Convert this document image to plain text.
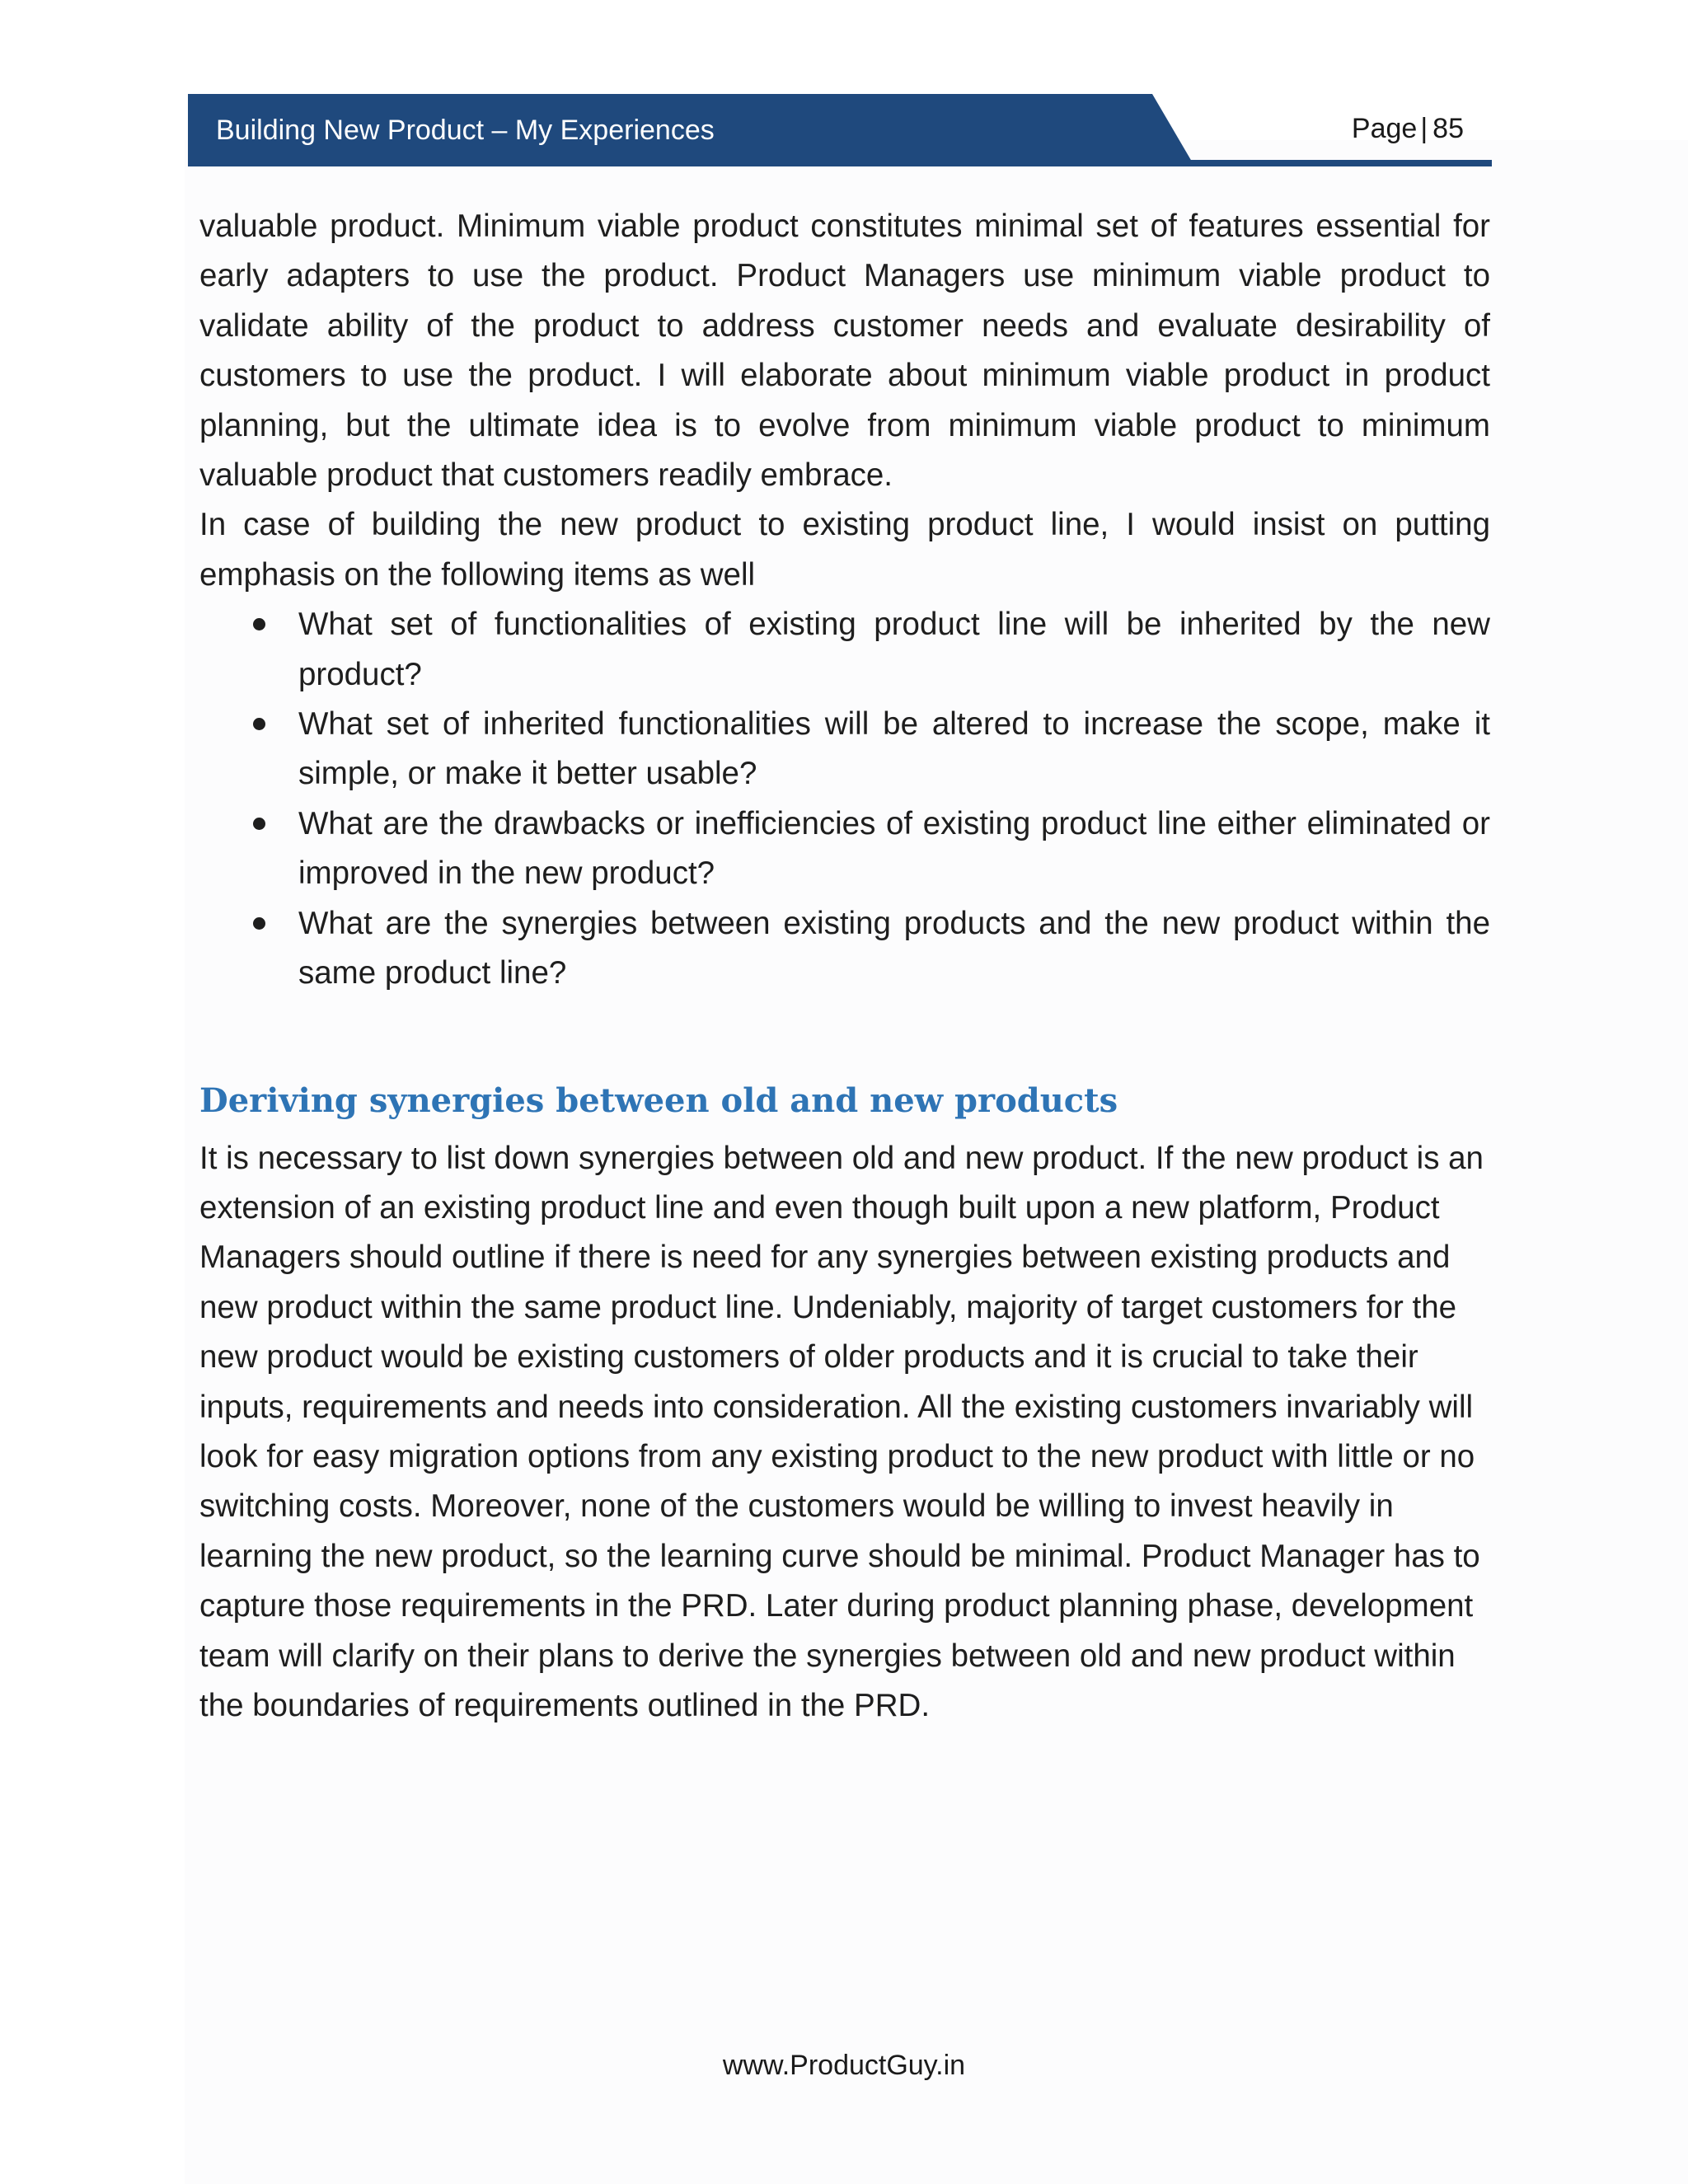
Building New Product – My Experiences	Page | 85

valuable product. Minimum viable product constitutes minimal set of features essential for early adapters to use the product. Product Managers use minimum viable product to validate ability of the product to address customer needs and evaluate desirability of customers to use the product. I will elaborate about minimum viable product in product planning, but the ultimate idea is to evolve from minimum viable product to minimum valuable product that customers readily embrace.

In case of building the new product to existing product line, I would insist on putting emphasis on the following items as well

What set of functionalities of existing product line will be inherited by the new product?
What set of inherited functionalities will be altered to increase the scope, make it simple, or make it better usable?
What are the drawbacks or inefficiencies of existing product line either eliminated or improved in the new product?
What are the synergies between existing products and the new product within the same product line?
Deriving synergies between old and new products

It is necessary to list down synergies between old and new product. If the new product is an extension of an existing product line and even though built upon a new platform, Product Managers should outline if there is need for any synergies between existing products and new product within the same product line. Undeniably, majority of target customers for the new product would be existing customers of older products and it is crucial to take their inputs, requirements and needs into consideration. All the existing customers invariably will look for easy migration options from any existing product to the new product with little or no switching costs. Moreover, none of the customers would be willing to invest heavily in learning the new product, so the learning curve should be minimal. Product Manager has to capture those requirements in the PRD. Later during product planning phase, development team will clarify on their plans to derive the synergies between old and new product within the boundaries of requirements outlined in the PRD.

www.ProductGuy.in
